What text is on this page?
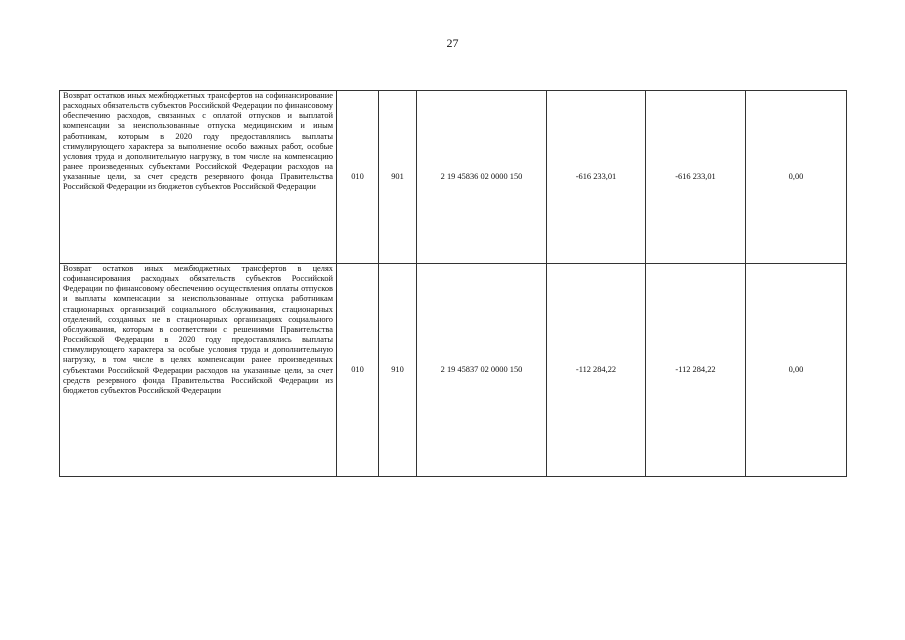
27
Возврат остатков иных межбюджетных трансфертов на софинансирование расходных обязательств субъектов Российской Федерации по финансовому обеспечению расходов, связанных с оплатой отпусков и выплатой компенсации за неиспользованные отпуска медицинским и иным работникам, которым в 2020 году предоставлялись выплаты стимулирующего характера за выполнение особо важных работ, особые условия труда и дополнительную нагрузку, в том числе на компенсацию ранее произведенных субъектами Российской Федерации расходов на указанные цели, за счет средств резервного фонда Правительства Российской Федерации из бюджетов субъектов Российской Федерации	010	901	2 19 45836 02 0000 150	-616 233,01	-616 233,01	0,00
Возврат остатков иных межбюджетных трансфертов в целях софинансирования расходных обязательств субъектов Российской Федерации по финансовому обеспечению осуществления оплаты отпусков и выплаты компенсации за неиспользованные отпуска работникам стационарных организаций социального обслуживания, стационарных отделений, созданных не в стационарных организациях социального обслуживания, которым в соответствии с решениями Правительства Российской Федерации в 2020 году предоставлялись выплаты стимулирующего характера за особые условия труда и дополнительную нагрузку, в том числе в целях компенсации ранее произведенных субъектами Российской Федерации расходов на указанные цели, за счет средств резервного фонда Правительства Российской Федерации из бюджетов субъектов Российской Федерации	010	910	2 19 45837 02 0000 150	-112 284,22	-112 284,22	0,00
